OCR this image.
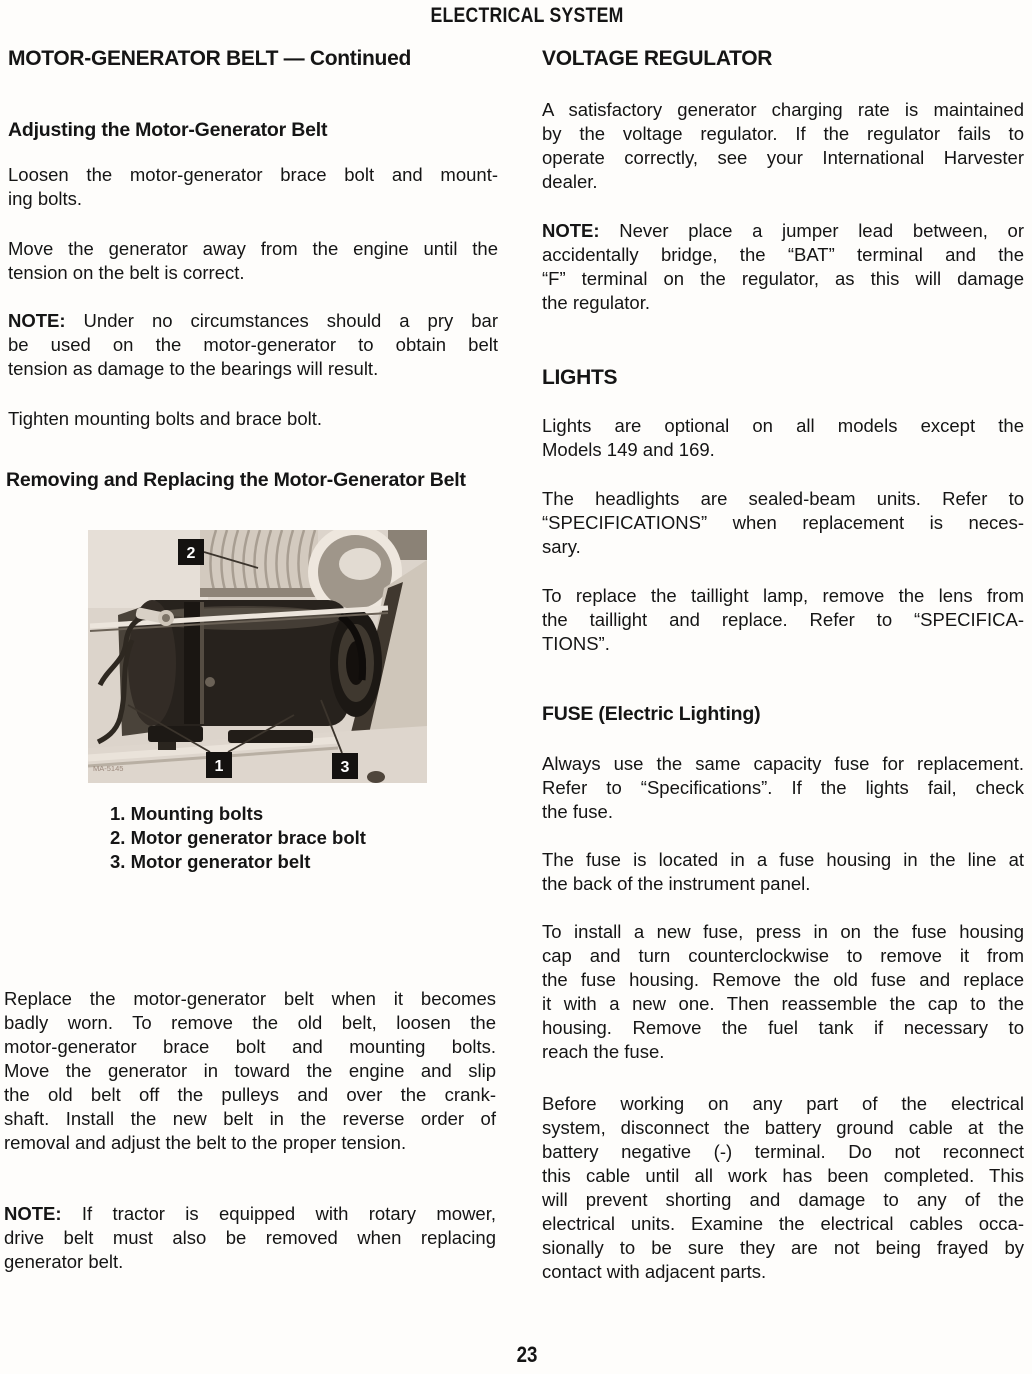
ELECTRICAL SYSTEM
MOTOR-GENERATOR BELT — Continued
Adjusting the Motor-Generator Belt
Loosen the motor-generator brace bolt and mount-
ing bolts.
Move the generator away from the engine until the
tension on the belt is correct.
NOTE: Under no circumstances should a pry bar
be used on the motor-generator to obtain belt
tension as damage to the bearings will result.
Tighten mounting bolts and brace bolt.
Removing and Replacing the Motor-Generator Belt
2
1	3
MA-5145
1. Mounting bolts
2. Motor generator brace bolt
3. Motor generator belt
Replace the motor-generator belt when it becomes
badly worn. To remove the old belt, loosen the
motor-generator brace bolt and mounting bolts.
Move the generator in toward the engine and slip
the old belt off the pulleys and over the crank-
shaft. Install the new belt in the reverse order of
removal and adjust the belt to the proper tension.
NOTE: If tractor is equipped with rotary mower,
drive belt must also be removed when replacing
generator belt.
VOLTAGE REGULATOR
A satisfactory generator charging rate is maintained
by the voltage regulator. If the regulator fails to
operate correctly, see your International Harvester
dealer.
NOTE: Never place a jumper lead between, or
accidentally bridge, the “BAT” terminal and the
“F” terminal on the regulator, as this will damage
the regulator.
LIGHTS
Lights are optional on all models except the
Models 149 and 169.
The headlights are sealed-beam units. Refer to
“SPECIFICATIONS” when replacement is neces-
sary.
To replace the taillight lamp, remove the lens from
the taillight and replace. Refer to “SPECIFICA-
TIONS”.
FUSE (Electric Lighting)
Always use the same capacity fuse for replacement.
Refer to “Specifications”. If the lights fail, check
the fuse.
The fuse is located in a fuse housing in the line at
the back of the instrument panel.
To install a new fuse, press in on the fuse housing
cap and turn counterclockwise to remove it from
the fuse housing. Remove the old fuse and replace
it with a new one. Then reassemble the cap to the
housing. Remove the fuel tank if necessary to
reach the fuse.
Before working on any part of the electrical
system, disconnect the battery ground cable at the
battery negative (-) terminal. Do not reconnect
this cable until all work has been completed. This
will prevent shorting and damage to any of the
electrical units. Examine the electrical cables occa-
sionally to be sure they are not being frayed by
contact with adjacent parts.
23
